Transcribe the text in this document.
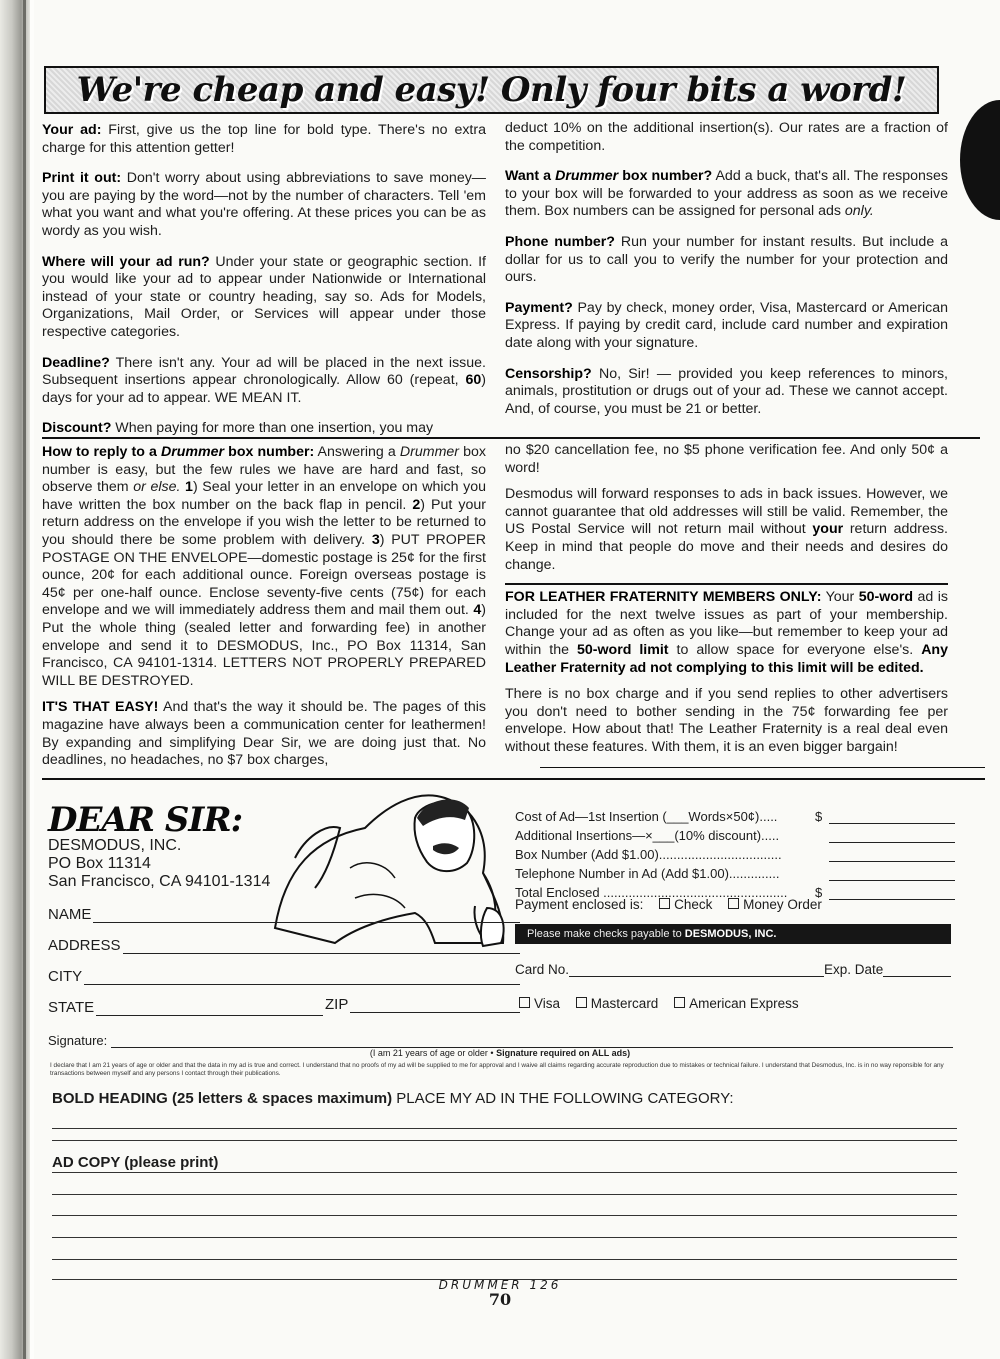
We're cheap and easy! Only four bits a word!

Your ad: First, give us the top line for bold type. There's no extra charge for this attention getter!

Print it out: Don't worry about using abbreviations to save money—you are paying by the word—not by the number of characters. Tell 'em what you want and what you're offering. At these prices you can be as wordy as you wish.

Where will your ad run? Under your state or geographic section. If you would like your ad to appear under Nationwide or International instead of your state or country heading, say so. Ads for Models, Organizations, Mail Order, or Services will appear under those respective categories.

Deadline? There isn't any. Your ad will be placed in the next issue. Subsequent insertions appear chronologically. Allow 60 (repeat, 60) days for your ad to appear. WE MEAN IT.

Discount? When paying for more than one insertion, you may

deduct 10% on the additional insertion(s). Our rates are a fraction of the competition.

Want a Drummer box number? Add a buck, that's all. The responses to your box will be forwarded to your address as soon as we receive them. Box numbers can be assigned for personal ads only.

Phone number? Run your number for instant results. But include a dollar for us to call you to verify the number for your protection and ours.

Payment? Pay by check, money order, Visa, Mastercard or American Express. If paying by credit card, include card number and expiration date along with your signature.

Censorship? No, Sir! — provided you keep references to minors, animals, prostitution or drugs out of your ad. These we cannot accept. And, of course, you must be 21 or better.

How to reply to a Drummer box number: Answering a Drummer box number is easy, but the few rules we have are hard and fast, so observe them or else. 1) Seal your letter in an envelope on which you have written the box number on the back flap in pencil. 2) Put your return address on the envelope if you wish the letter to be returned to you should there be some problem with delivery. 3) PUT PROPER POSTAGE ON THE ENVELOPE—domestic postage is 25¢ for the first ounce, 20¢ for each additional ounce. Foreign overseas postage is 45¢ per one-half ounce. Enclose seventy-five cents (75¢) for each envelope and we will immediately address them and mail them out. 4) Put the whole thing (sealed letter and forwarding fee) in another envelope and send it to DESMODUS, Inc., PO Box 11314, San Francisco, CA 94101-1314. LETTERS NOT PROPERLY PREPARED WILL BE DESTROYED.

IT'S THAT EASY! And that's the way it should be. The pages of this magazine have always been a communication center for leathermen! By expanding and simplifying Dear Sir, we are doing just that. No deadlines, no headaches, no $7 box charges,

no $20 cancellation fee, no $5 phone verification fee. And only 50¢ a word!

Desmodus will forward responses to ads in back issues. However, we cannot guarantee that old addresses will still be valid. Remember, the US Postal Service will not return mail without your return address. Keep in mind that people do move and their needs and desires do change.

FOR LEATHER FRATERNITY MEMBERS ONLY: Your 50-word ad is included for the next twelve issues as part of your membership. Change your ad as often as you like—but remember to keep your ad within the 50-word limit to allow space for everyone else's. Any Leather Fraternity ad not complying to this limit will be edited.

There is no box charge and if you send replies to other advertisers you don't need to bother sending in the 75¢ forwarding fee per envelope. How about that! The Leather Fraternity is a real deal even without these features. With them, it is an even bigger bargain!

DEAR SIR:
DESMODUS, INC.
PO Box 11314
San Francisco, CA 94101-1314
NAME
ADDRESS
CITY
STATE	ZIP
Cost of Ad—1st Insertion (___Words×50¢).....	$
Additional Insertions—×___(10% discount).....
Box Number (Add $1.00)..................................
Telephone Number in Ad (Add $1.00)..............
Total Enclosed ...................................................	$
Payment enclosed is: Check Money Order
Please make checks payable to DESMODUS, INC.
Card No.	Exp. Date
Visa Mastercard American Express
Signature:
(I am 21 years of age or older • Signature required on ALL ads)
I declare that I am 21 years of age or older and that the data in my ad is true and correct. I understand that no proofs of my ad will be supplied to me for approval and I waive all claims regarding accurate reproduction due to mistakes or technical failure. I understand that Desmodus, Inc. is in no way reponsible for any transactions between myself and any persons I contact through their publications.
BOLD HEADING (25 letters & spaces maximum) PLACE MY AD IN THE FOLLOWING CATEGORY:
AD COPY (please print)
DRUMMER 126
70
